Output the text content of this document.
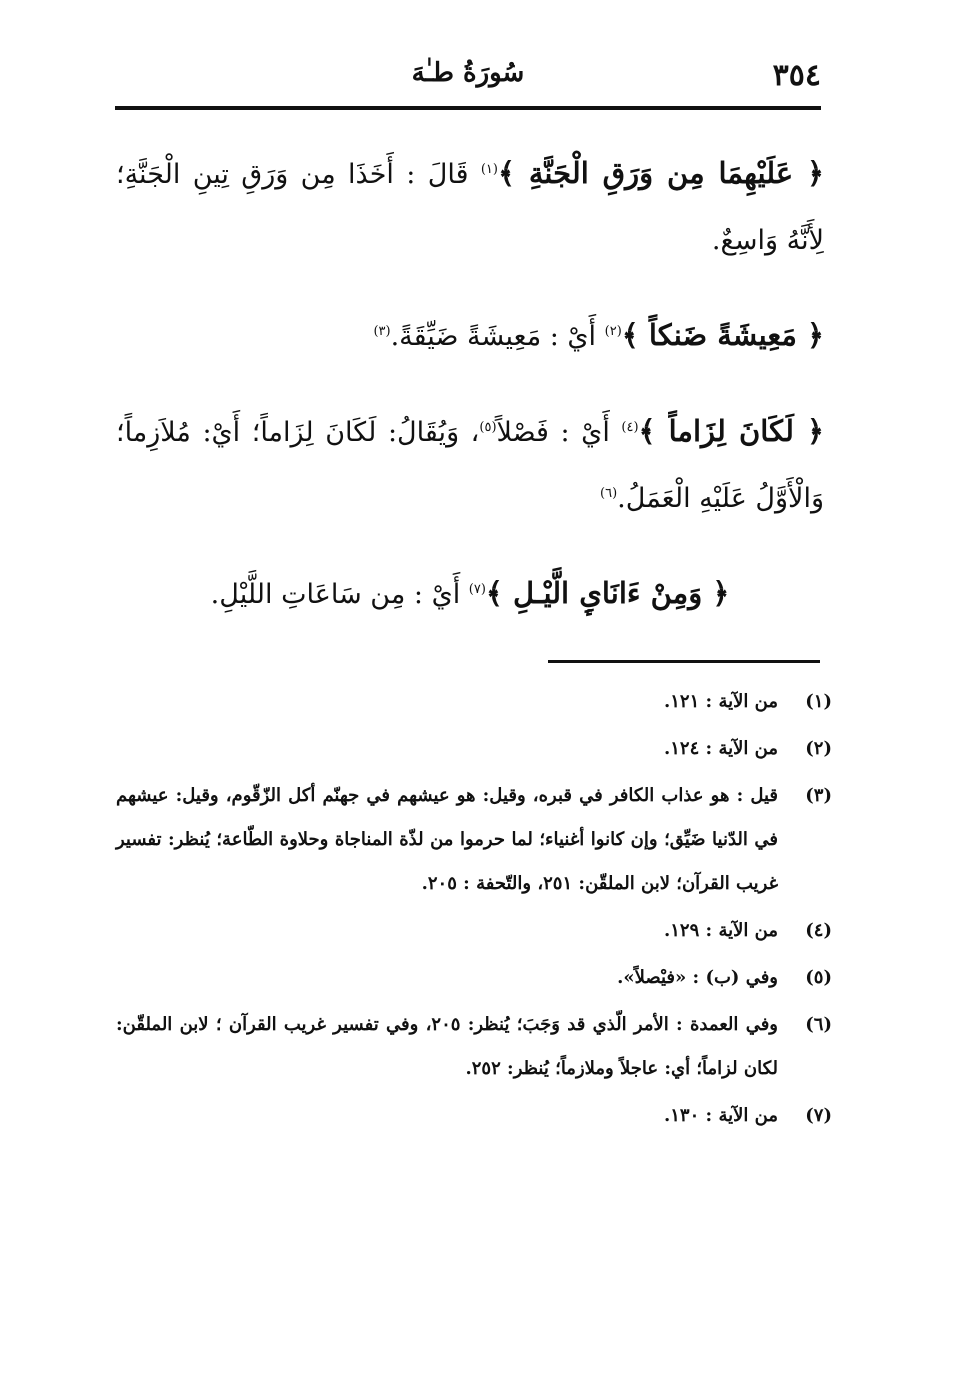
٣٥٤
سُورَةُ طـٰهَ

﴿ عَلَيْهِمَا مِن وَرَقِ الْجَنَّةِ ﴾$^{(١)}$ قَالَ : أَخَذَا مِن وَرَقِ تِينِ الْجَنَّةِ؛ لِأَنَّهُ وَاسِعٌ.

﴿ مَعِيشَةً ضَنكاً ﴾$^{(٢)}$ أَيْ : مَعِيشَةً ضَيِّقَةً.$^{(٣)}$

﴿ لَكَانَ لِزَاماً ﴾$^{(٤)}$ أَيْ : فَصْلاً$^{(٥)}$، وَيُقَالُ: لَكَانَ لِزَاماً؛ أَيْ: مُلاَزِماً؛ وَالْأَوَّلُ عَلَيْهِ الْعَمَلُ.$^{(٦)}$

﴿ وَمِنْ ءَانَاىِٕ الَّيْـلِ ﴾$^{(٧)}$ أَيْ : مِن سَاعَاتِ اللَّيْلِ.

(١)
من الآية : ١٢١.
(٢)
من الآية : ١٢٤.
(٣)
قيل : هو عذاب الكافر في قبره، وقيل: هو عيشهم في جهنّم أكل الزّقّوم، وقيل: عيشهم في الدّنيا ضَيِّق؛ وإن كانوا أغنياء؛ لما حرموا من لذّة المناجاة وحلاوة الطّاعة؛ يُنظر: تفسير غريب القرآن؛ لابن الملقّن: ٢٥١، والتّحفة : ٢٠٥.
(٤)
من الآية : ١٢٩.
(٥)
وفي (ب) : «فيْصلاً».
(٦)
وفي العمدة : الأمر الّذي قد وَجَبَ؛ يُنظر: ٢٠٥، وفي تفسير غريب القرآن ؛ لابن الملقّن: لكان لزاماً؛ أي: عاجلاً وملازماً؛ يُنظر: ٢٥٢.
(٧)
من الآية : ١٣٠.
